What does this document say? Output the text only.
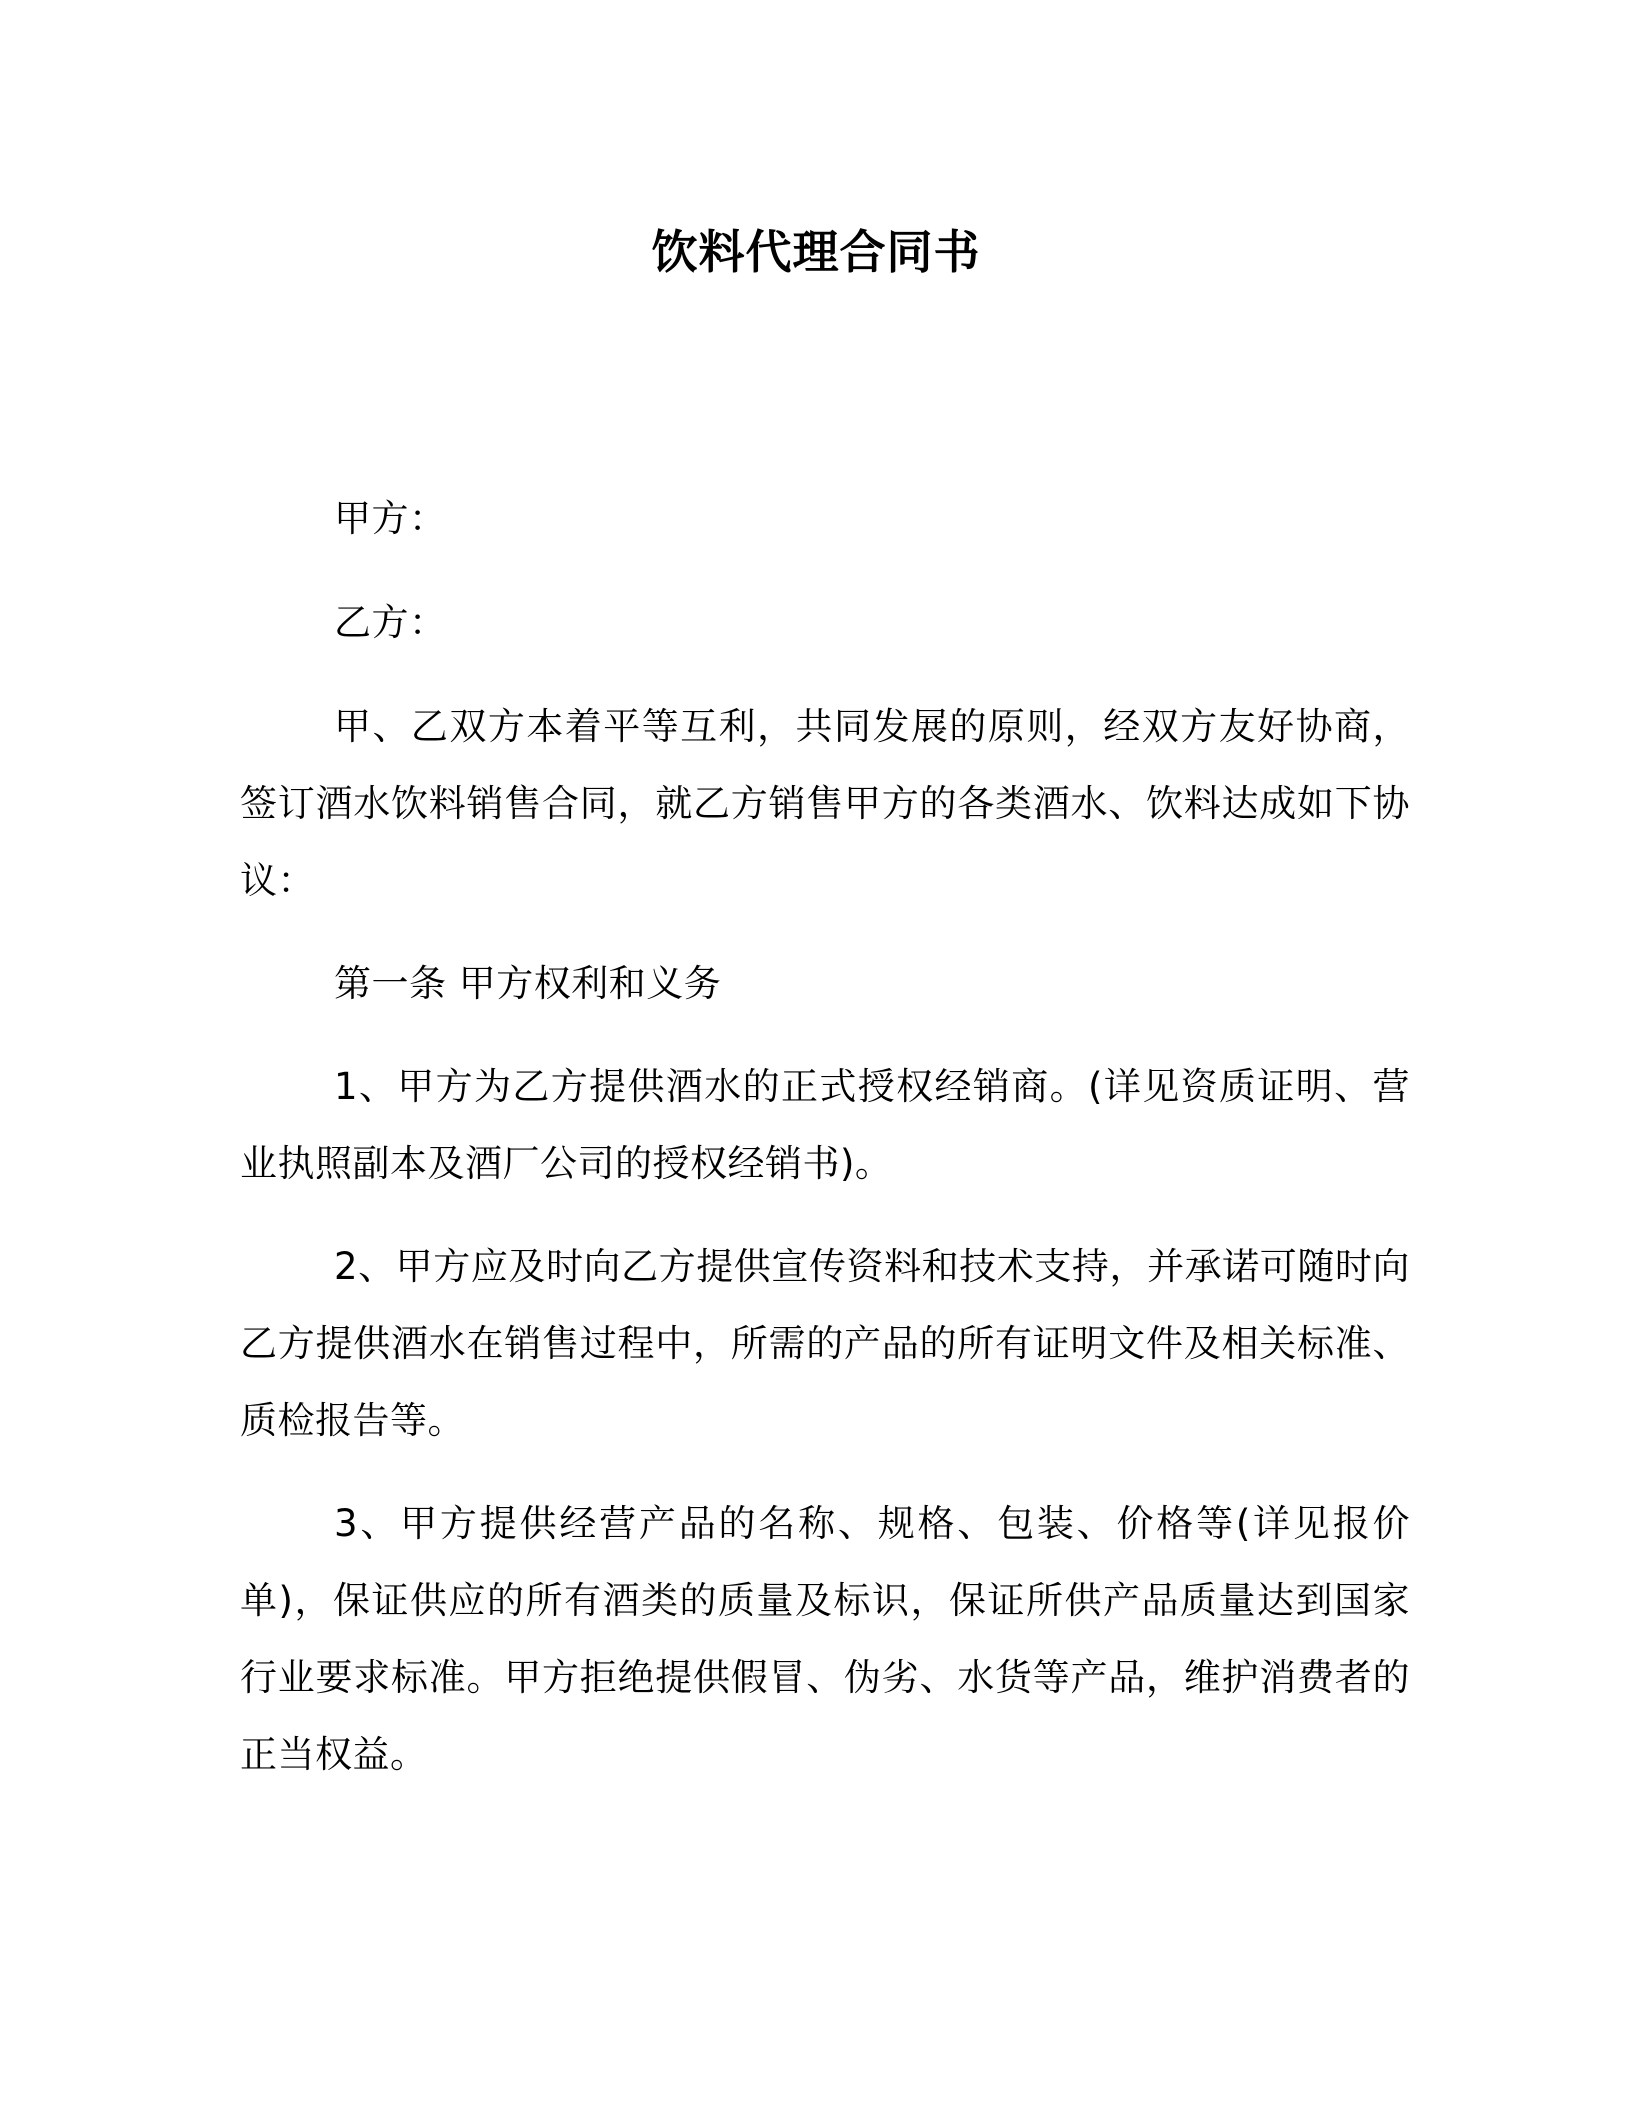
饮料代理合同书

甲方：

乙方：

甲、乙双方本着平等互利，共同发展的原则，经双方友好协商，签订酒水饮料销售合同，就乙方销售甲方的各类酒水、饮料达成如下协议：

第一条 甲方权利和义务

1、甲方为乙方提供酒水的正式授权经销商。(详见资质证明、营业执照副本及酒厂公司的授权经销书)。

2、甲方应及时向乙方提供宣传资料和技术支持，并承诺可随时向乙方提供酒水在销售过程中，所需的产品的所有证明文件及相关标准、质检报告等。

3、甲方提供经营产品的名称、规格、包装、价格等(详见报价单)，保证供应的所有酒类的质量及标识，保证所供产品质量达到国家行业要求标准。甲方拒绝提供假冒、伪劣、水货等产品，维护消费者的正当权益。
